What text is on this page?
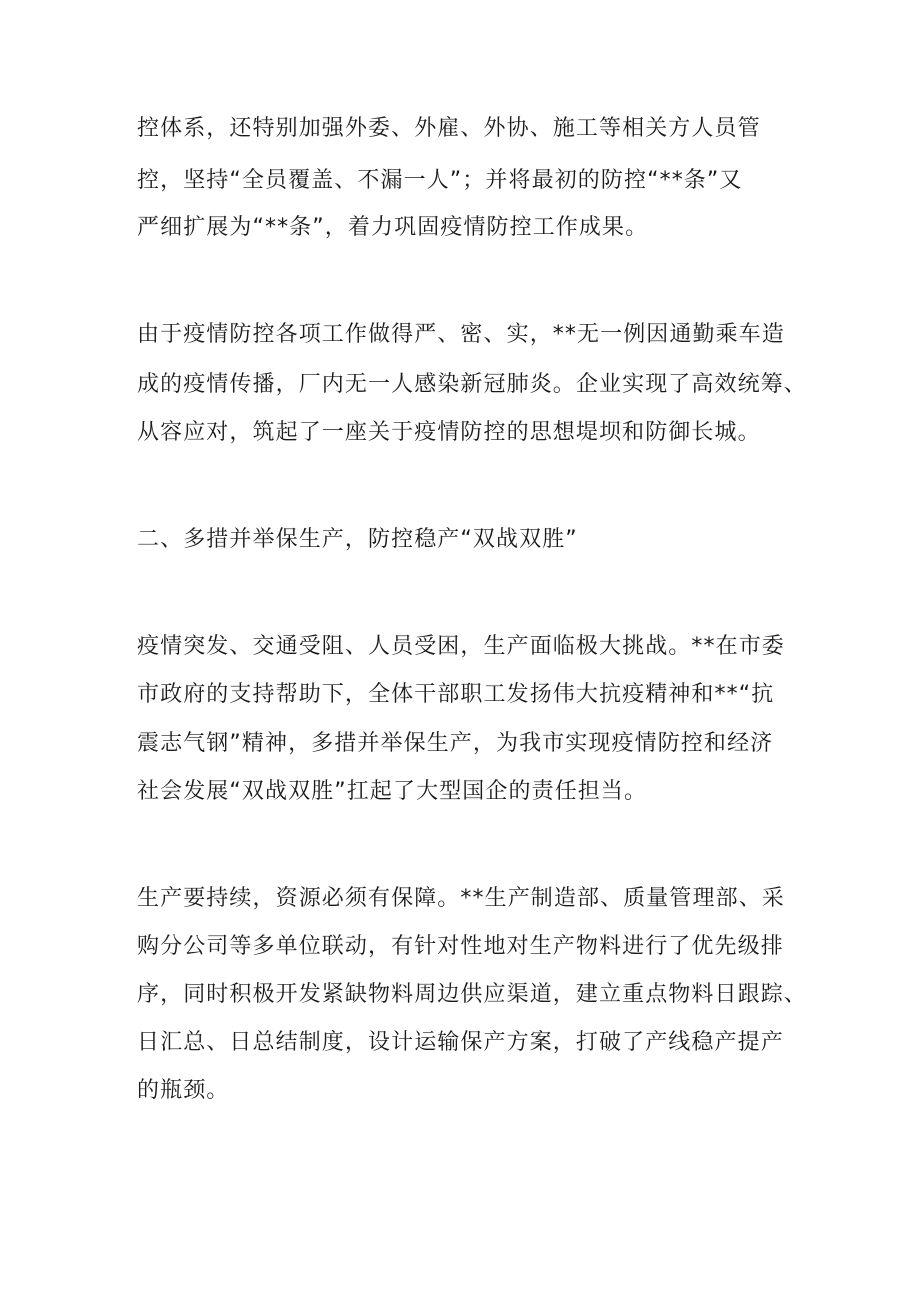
控体系，还特别加强外委、外雇、外协、施工等相关方人员管

控，坚持“全员覆盖、不漏一人”；并将最初的防控“**条”又

严细扩展为“**条”，着力巩固疫情防控工作成果。

由于疫情防控各项工作做得严、密、实，**无一例因通勤乘车造

成的疫情传播，厂内无一人感染新冠肺炎。企业实现了高效统筹、

从容应对，筑起了一座关于疫情防控的思想堤坝和防御长城。

二、多措并举保生产，防控稳产“双战双胜”

疫情突发、交通受阻、人员受困，生产面临极大挑战。**在市委

市政府的支持帮助下，全体干部职工发扬伟大抗疫精神和**“抗

震志气钢”精神，多措并举保生产，为我市实现疫情防控和经济

社会发展“双战双胜”扛起了大型国企的责任担当。

生产要持续，资源必须有保障。**生产制造部、质量管理部、采

购分公司等多单位联动，有针对性地对生产物料进行了优先级排

序，同时积极开发紧缺物料周边供应渠道，建立重点物料日跟踪、

日汇总、日总结制度，设计运输保产方案，打破了产线稳产提产

的瓶颈。
